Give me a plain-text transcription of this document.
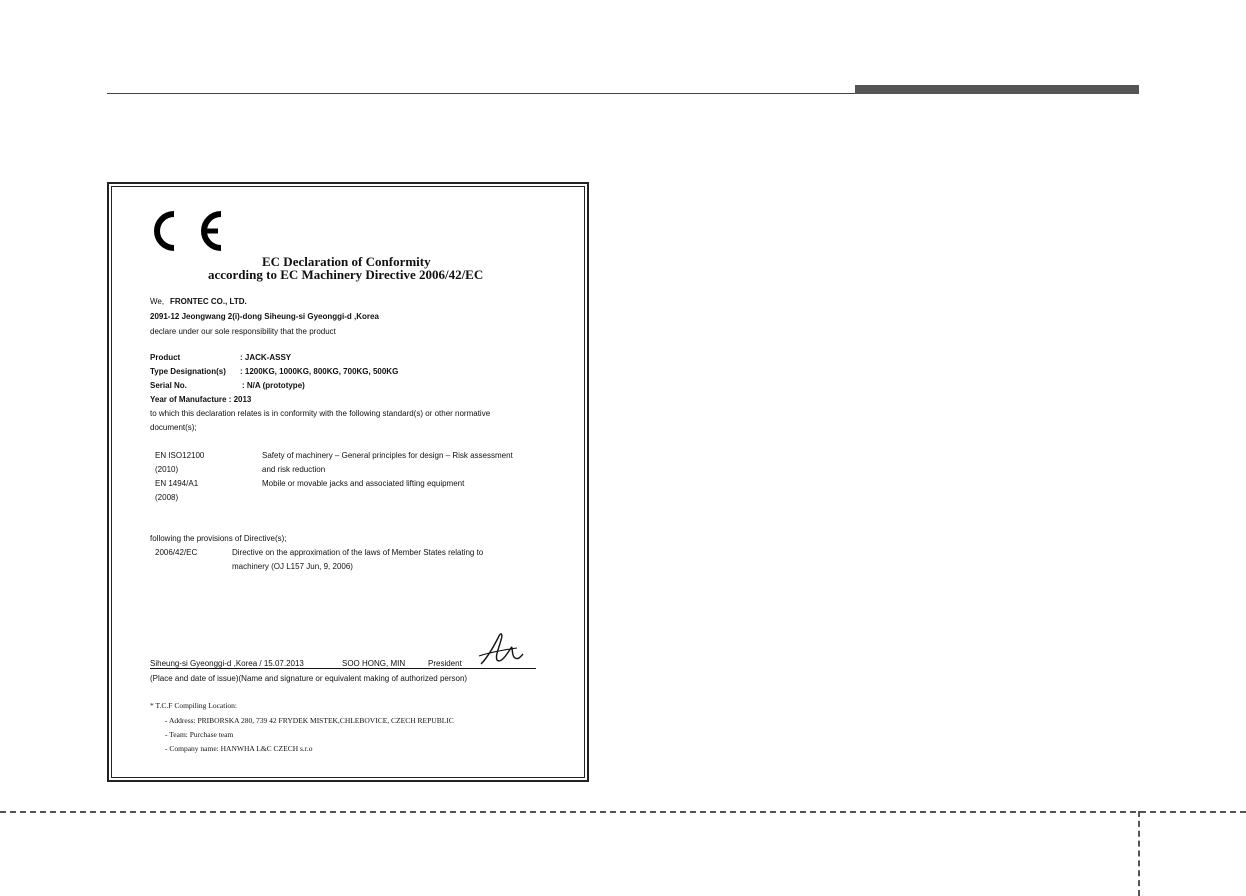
EC Declaration of Conformity
according to EC Machinery Directive 2006/42/EC
We, FRONTEC CO., LTD.
2091-12 Jeongwang 2(i)-dong Siheung-si Gyeonggi-d ,Korea
declare under our sole responsibility that the product
Product	: JACK-ASSY
Type Designation(s) : 1200KG, 1000KG, 800KG, 700KG, 500KG
Serial No.	: N/A (prototype)
Year of Manufacture : 2013
to which this declaration relates is in conformity with the following standard(s) or other normative
document(s);
EN ISO12100	Safety of machinery – General principles for design – Risk assessment
(2010)	and risk reduction
EN 1494/A1	Mobile or movable jacks and associated lifting equipment
(2008)
following the provisions of Directive(s);
2006/42/EC	Directive on the approximation of the laws of Member States relating to
machinery (OJ L157 Jun, 9, 2006)
Siheung-si Gyeonggi-d ,Korea / 15.07.2013	SOO HONG, MIN	President
(Place and date of issue)(Name and signature or equivalent making of authorized person)
* T.C.F Compiling Location:
- Address: PRIBORSKA 280, 739 42 FRYDEK MISTEK,CHLEBOVICE, CZECH REPUBLIC
- Team: Purchase team
- Company name: HANWHA L&C CZECH s.r.o
